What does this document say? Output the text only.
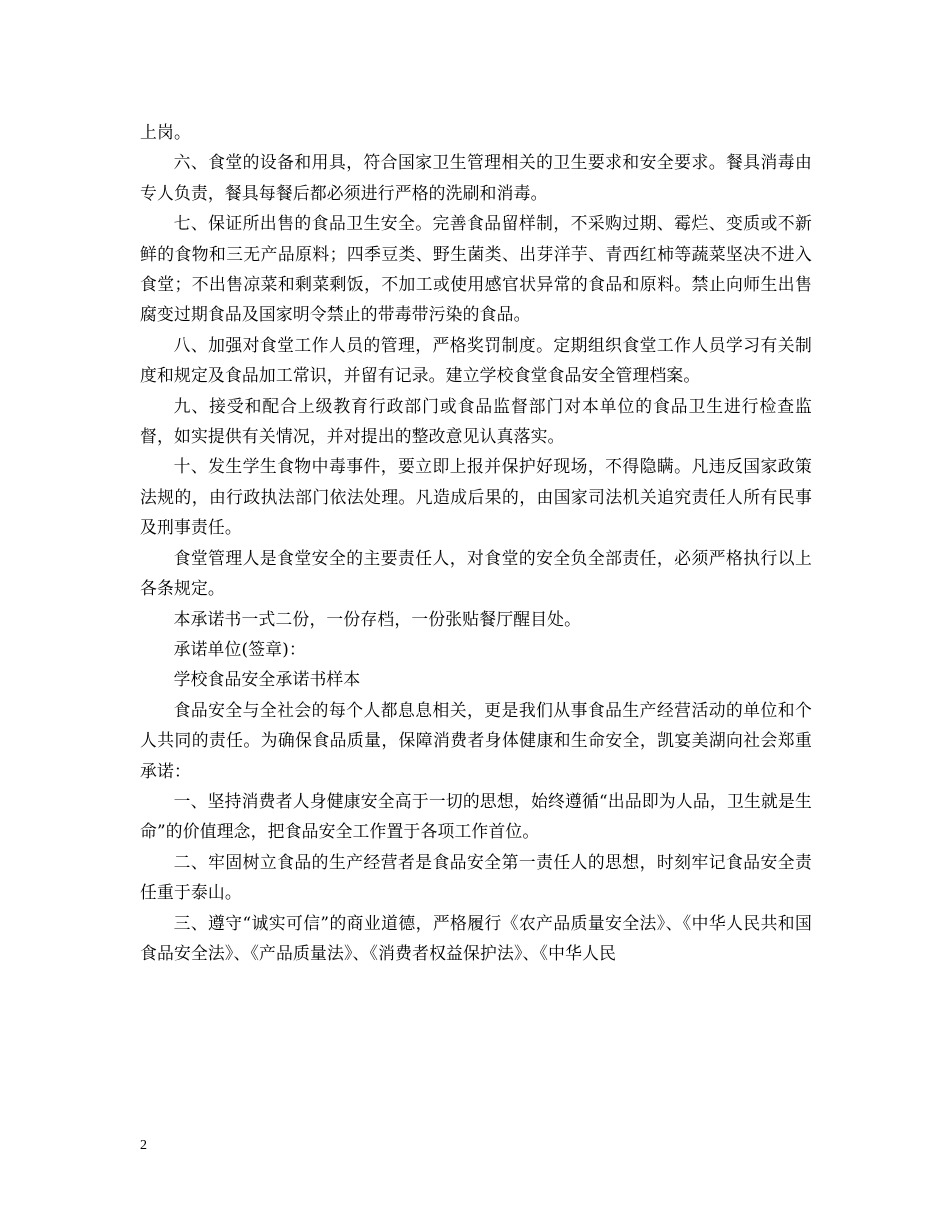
上岗。

六、食堂的设备和用具，符合国家卫生管理相关的卫生要求和安全要求。餐具消毒由专人负责，餐具每餐后都必须进行严格的洗刷和消毒。

七、保证所出售的食品卫生安全。完善食品留样制，不采购过期、霉烂、变质或不新鲜的食物和三无产品原料；四季豆类、野生菌类、出芽洋芋、青西红柿等蔬菜坚决不进入食堂；不出售凉菜和剩菜剩饭，不加工或使用感官状异常的食品和原料。禁止向师生出售腐变过期食品及国家明令禁止的带毒带污染的食品。

八、加强对食堂工作人员的管理，严格奖罚制度。定期组织食堂工作人员学习有关制度和规定及食品加工常识，并留有记录。建立学校食堂食品安全管理档案。

九、接受和配合上级教育行政部门或食品监督部门对本单位的食品卫生进行检查监督，如实提供有关情况，并对提出的整改意见认真落实。

十、发生学生食物中毒事件，要立即上报并保护好现场，不得隐瞒。凡违反国家政策法规的，由行政执法部门依法处理。凡造成后果的，由国家司法机关追究责任人所有民事及刑事责任。

食堂管理人是食堂安全的主要责任人，对食堂的安全负全部责任，必须严格执行以上各条规定。

本承诺书一式二份，一份存档，一份张贴餐厅醒目处。

承诺单位(签章)：

学校食品安全承诺书样本

食品安全与全社会的每个人都息息相关，更是我们从事食品生产经营活动的单位和个人共同的责任。为确保食品质量，保障消费者身体健康和生命安全，凯宴美湖向社会郑重承诺：

一、坚持消费者人身健康安全高于一切的思想，始终遵循“出品即为人品，卫生就是生命”的价值理念，把食品安全工作置于各项工作首位。

二、牢固树立食品的生产经营者是食品安全第一责任人的思想，时刻牢记食品安全责任重于泰山。

三、遵守“诚实可信”的商业道德，严格履行《农产品质量安全法》、《中华人民共和国食品安全法》、《产品质量法》、《消费者权益保护法》、《中华人民

2
